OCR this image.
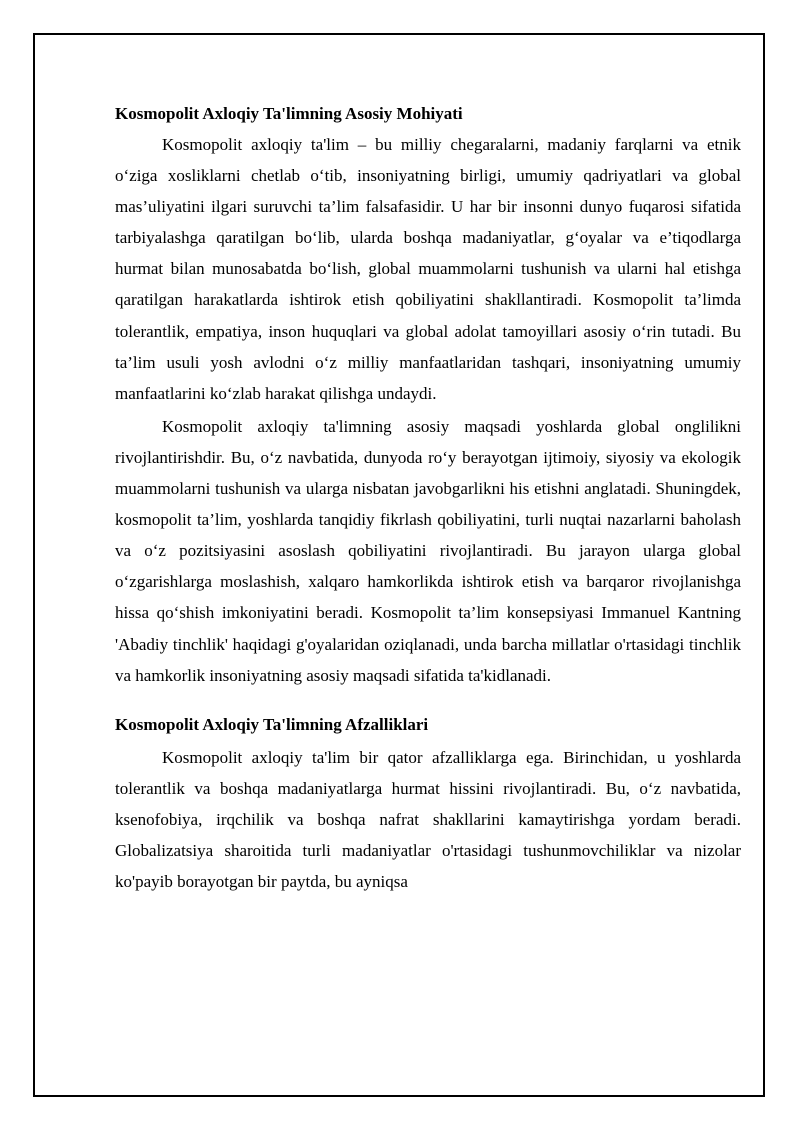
Kosmopolit Axloqiy Ta'limning Asosiy Mohiyati

Kosmopolit axloqiy ta'lim – bu milliy chegaralarni, madaniy farqlarni va etnik o‘ziga xosliklarni chetlab o‘tib, insoniyatning birligi, umumiy qadriyatlari va global mas’uliyatini ilgari suruvchi ta’lim falsafasidir. U har bir insonni dunyo fuqarosi sifatida tarbiyalashga qaratilgan bo‘lib, ularda boshqa madaniyatlar, g‘oyalar va e’tiqodlarga hurmat bilan munosabatda bo‘lish, global muammolarni tushunish va ularni hal etishga qaratilgan harakatlarda ishtirok etish qobiliyatini shakllantiradi. Kosmopolit ta’limda tolerantlik, empatiya, inson huquqlari va global adolat tamoyillari asosiy o‘rin tutadi. Bu ta’lim usuli yosh avlodni o‘z milliy manfaatlaridan tashqari, insoniyatning umumiy manfaatlarini ko‘zlab harakat qilishga undaydi.

Kosmopolit axloqiy ta'limning asosiy maqsadi yoshlarda global onglilikni rivojlantirishdir. Bu, o‘z navbatida, dunyoda ro‘y berayotgan ijtimoiy, siyosiy va ekologik muammolarni tushunish va ularga nisbatan javobgarlikni his etishni anglatadi. Shuningdek, kosmopolit ta’lim, yoshlarda tanqidiy fikrlash qobiliyatini, turli nuqtai nazarlarni baholash va o‘z pozitsiyasini asoslash qobiliyatini rivojlantiradi. Bu jarayon ularga global o‘zgarishlarga moslashish, xalqaro hamkorlikda ishtirok etish va barqaror rivojlanishga hissa qo‘shish imkoniyatini beradi. Kosmopolit ta’lim konsepsiyasi Immanuel Kantning 'Abadiy tinchlik' haqidagi g'oyalaridan oziqlanadi, unda barcha millatlar o'rtasidagi tinchlik va hamkorlik insoniyatning asosiy maqsadi sifatida ta'kidlanadi.

Kosmopolit Axloqiy Ta'limning Afzalliklari

Kosmopolit axloqiy ta'lim bir qator afzalliklarga ega. Birinchidan, u yoshlarda tolerantlik va boshqa madaniyatlarga hurmat hissini rivojlantiradi. Bu, o‘z navbatida, ksenofobiya, irqchilik va boshqa nafrat shakllarini kamaytirishga yordam beradi. Globalizatsiya sharoitida turli madaniyatlar o'rtasidagi tushunmovchiliklar va nizolar ko'payib borayotgan bir paytda, bu ayniqsa
